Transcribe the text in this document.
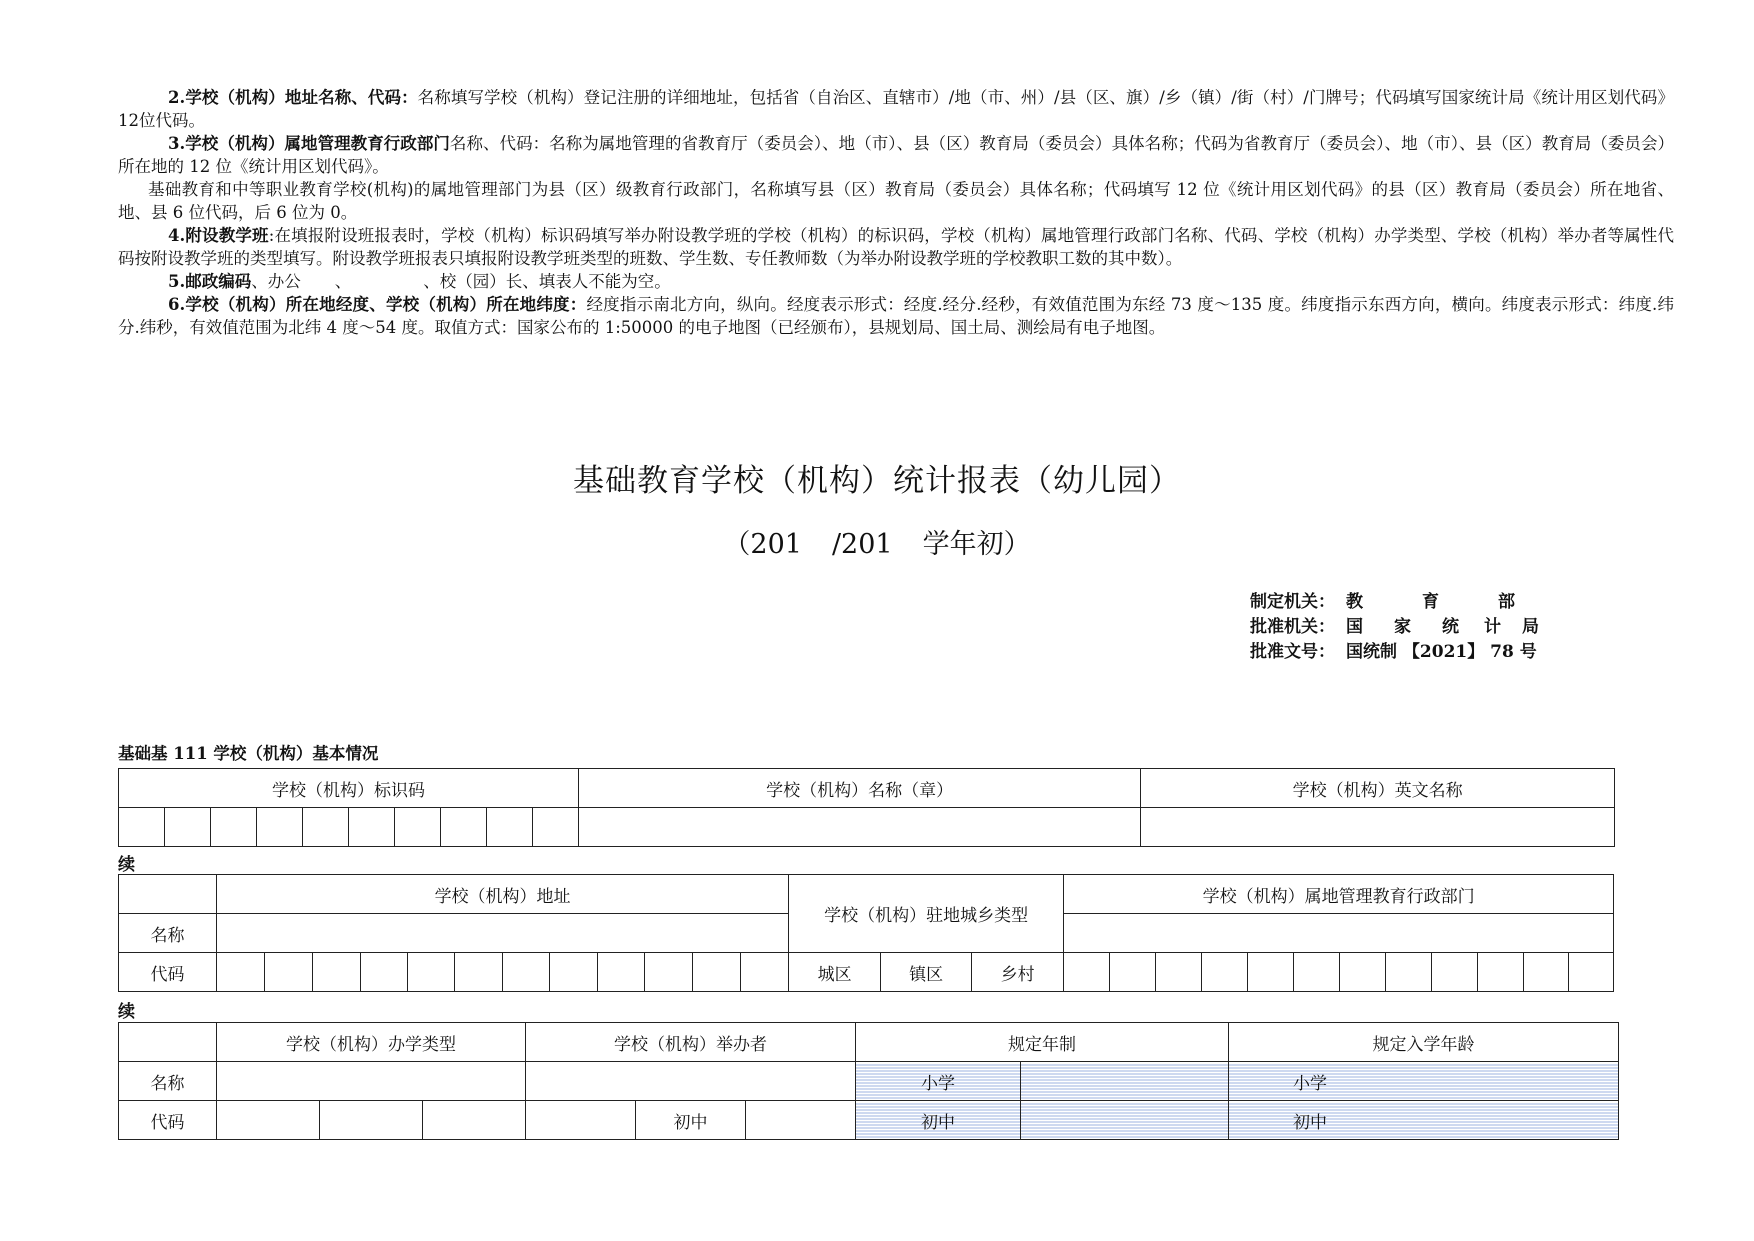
2.学校（机构）地址名称、代码：名称填写学校（机构）登记注册的详细地址，包括省（自治区、直辖市）/地（市、州）/县（区、旗）/乡（镇）/街（村）/门牌号；代码填写国家统计局《统计用区划代码》12位代码。

3.学校（机构）属地管理教育行政部门名称、代码：名称为属地管理的省教育厅（委员会）、地（市）、县（区）教育局（委员会）具体名称；代码为省教育厅（委员会）、地（市）、县（区）教育局（委员会）所在地的 12 位《统计用区划代码》。

基础教育和中等职业教育学校(机构)的属地管理部门为县（区）级教育行政部门，名称填写县（区）教育局（委员会）具体名称；代码填写 12 位《统计用区划代码》的县（区）教育局（委员会）所在地省、地、县 6 位代码，后 6 位为 0。

4.附设教学班:在填报附设班报表时，学校（机构）标识码填写举办附设教学班的学校（机构）的标识码，学校（机构）属地管理行政部门名称、代码、学校（机构）办学类型、学校（机构）举办者等属性代码按附设教学班的类型填写。附设教学班报表只填报附设教学班类型的班数、学生数、专任教师数（为举办附设教学班的学校教职工数的其中数）。

5.邮政编码、办公 、	、校（园）长、填表人不能为空。

6.学校（机构）所在地经度、学校（机构）所在地纬度：经度指示南北方向，纵向。经度表示形式：经度.经分.经秒，有效值范围为东经 73 度～135 度。纬度指示东西方向，横向。纬度表示形式：纬度.纬分.纬秒，有效值范围为北纬 4 度～54 度。取值方式：国家公布的 1:50000 的电子地图（已经颁布），县规划局、国土局、测绘局有电子地图。

基础教育学校（机构）统计报表（幼儿园）
（201 /201 学年初）
制定机关： 教	育	部
批准机关： 国 家 统 计 局
批准文号： 国统制 【2021】 78 号
基础基 111 学校（机构）基本情况
学校（机构）标识码										学校（机构）名称（章）	学校（机构）英文名称

续
	学校（机构）地址												学校（机构）驻地城乡类型			学校（机构）属地管理教育行政部门											
名称																											
代码													城区	镇区	乡村												
续
	学校（机构）办学类型			学校（机构）举办者			规定年制		规定入学年龄
名称							小学		小学
代码					初中		初中		初中
